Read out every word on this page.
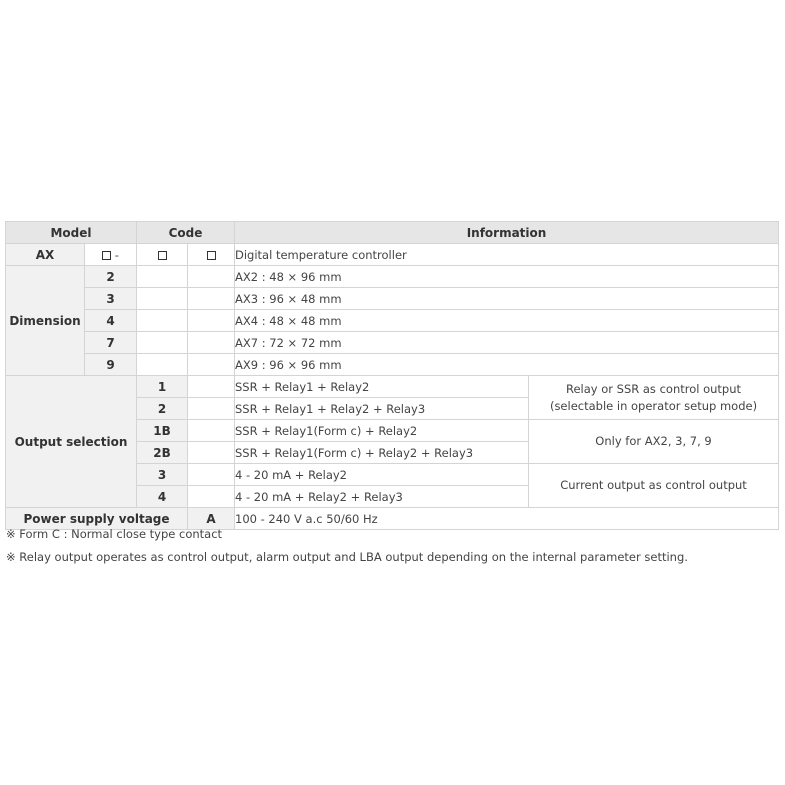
Model		Code		Information	
AX	-			Digital temperature controller	
Dimension	2			AX2 : 48 × 96 mm	
	3			AX3 : 96 × 48 mm	
	4			AX4 : 48 × 48 mm	
	7			AX7 : 72 × 72 mm	
	9			AX9 : 96 × 96 mm	
Output selection		1		SSR + Relay1 + Relay2	Relay or SSR as control output
(selectable in operator setup mode)
		2		SSR + Relay1 + Relay2 + Relay3	
		1B		SSR + Relay1(Form c) + Relay2	Only for AX2, 3, 7, 9
		2B		SSR + Relay1(Form c) + Relay2 + Relay3	
		3		4 - 20 mA + Relay2	Current output as control output
		4		4 - 20 mA + Relay2 + Relay3	
Power supply voltage			A	100 - 240 V a.c 50/60 Hz	
※ Form C : Normal close type contact
※ Relay output operates as control output, alarm output and LBA output depending on the internal parameter setting.
